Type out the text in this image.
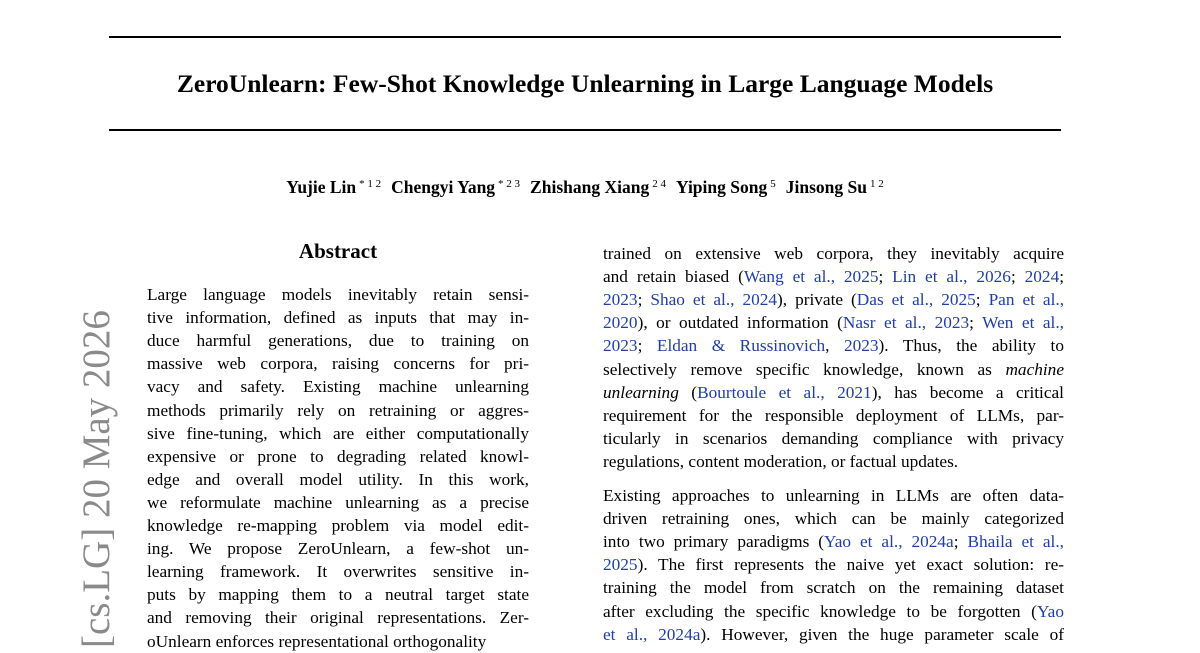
ZeroUnlearn: Few-Shot Knowledge Unlearning in Large Language Models
Yujie Lin $^{* 1 2}$ Chengyi Yang $^{* 2 3}$ Zhishang Xiang $^{2 4}$ Yiping Song $^5$ Jinsong Su $^{1 2}$
[cs.LG] 20 May 2026
Abstract
Large language models inevitably retain sensi-
tive information, defined as inputs that may in-
duce harmful generations, due to training on
massive web corpora, raising concerns for pri-
vacy and safety. Existing machine unlearning
methods primarily rely on retraining or aggres-
sive fine-tuning, which are either computationally
expensive or prone to degrading related knowl-
edge and overall model utility. In this work,
we reformulate machine unlearning as a precise
knowledge re-mapping problem via model edit-
ing. We propose ZeroUnlearn, a few-shot un-
learning framework. It overwrites sensitive in-
puts by mapping them to a neutral target state
and removing their original representations. Zer-
oUnlearn enforces representational orthogonality
trained on extensive web corpora, they inevitably acquire
and retain biased (Wang et al., 2025; Lin et al., 2026; 2024;
2023; Shao et al., 2024), private (Das et al., 2025; Pan et al.,
2020), or outdated information (Nasr et al., 2023; Wen et al.,
2023; Eldan & Russinovich, 2023). Thus, the ability to
selectively remove specific knowledge, known as machine
unlearning (Bourtoule et al., 2021), has become a critical
requirement for the responsible deployment of LLMs, par-
ticularly in scenarios demanding compliance with privacy
regulations, content moderation, or factual updates.
Existing approaches to unlearning in LLMs are often data-
driven retraining ones, which can be mainly categorized
into two primary paradigms (Yao et al., 2024a; Bhaila et al.,
2025). The first represents the naive yet exact solution: re-
training the model from scratch on the remaining dataset
after excluding the specific knowledge to be forgotten (Yao
et al., 2024a). However, given the huge parameter scale of
